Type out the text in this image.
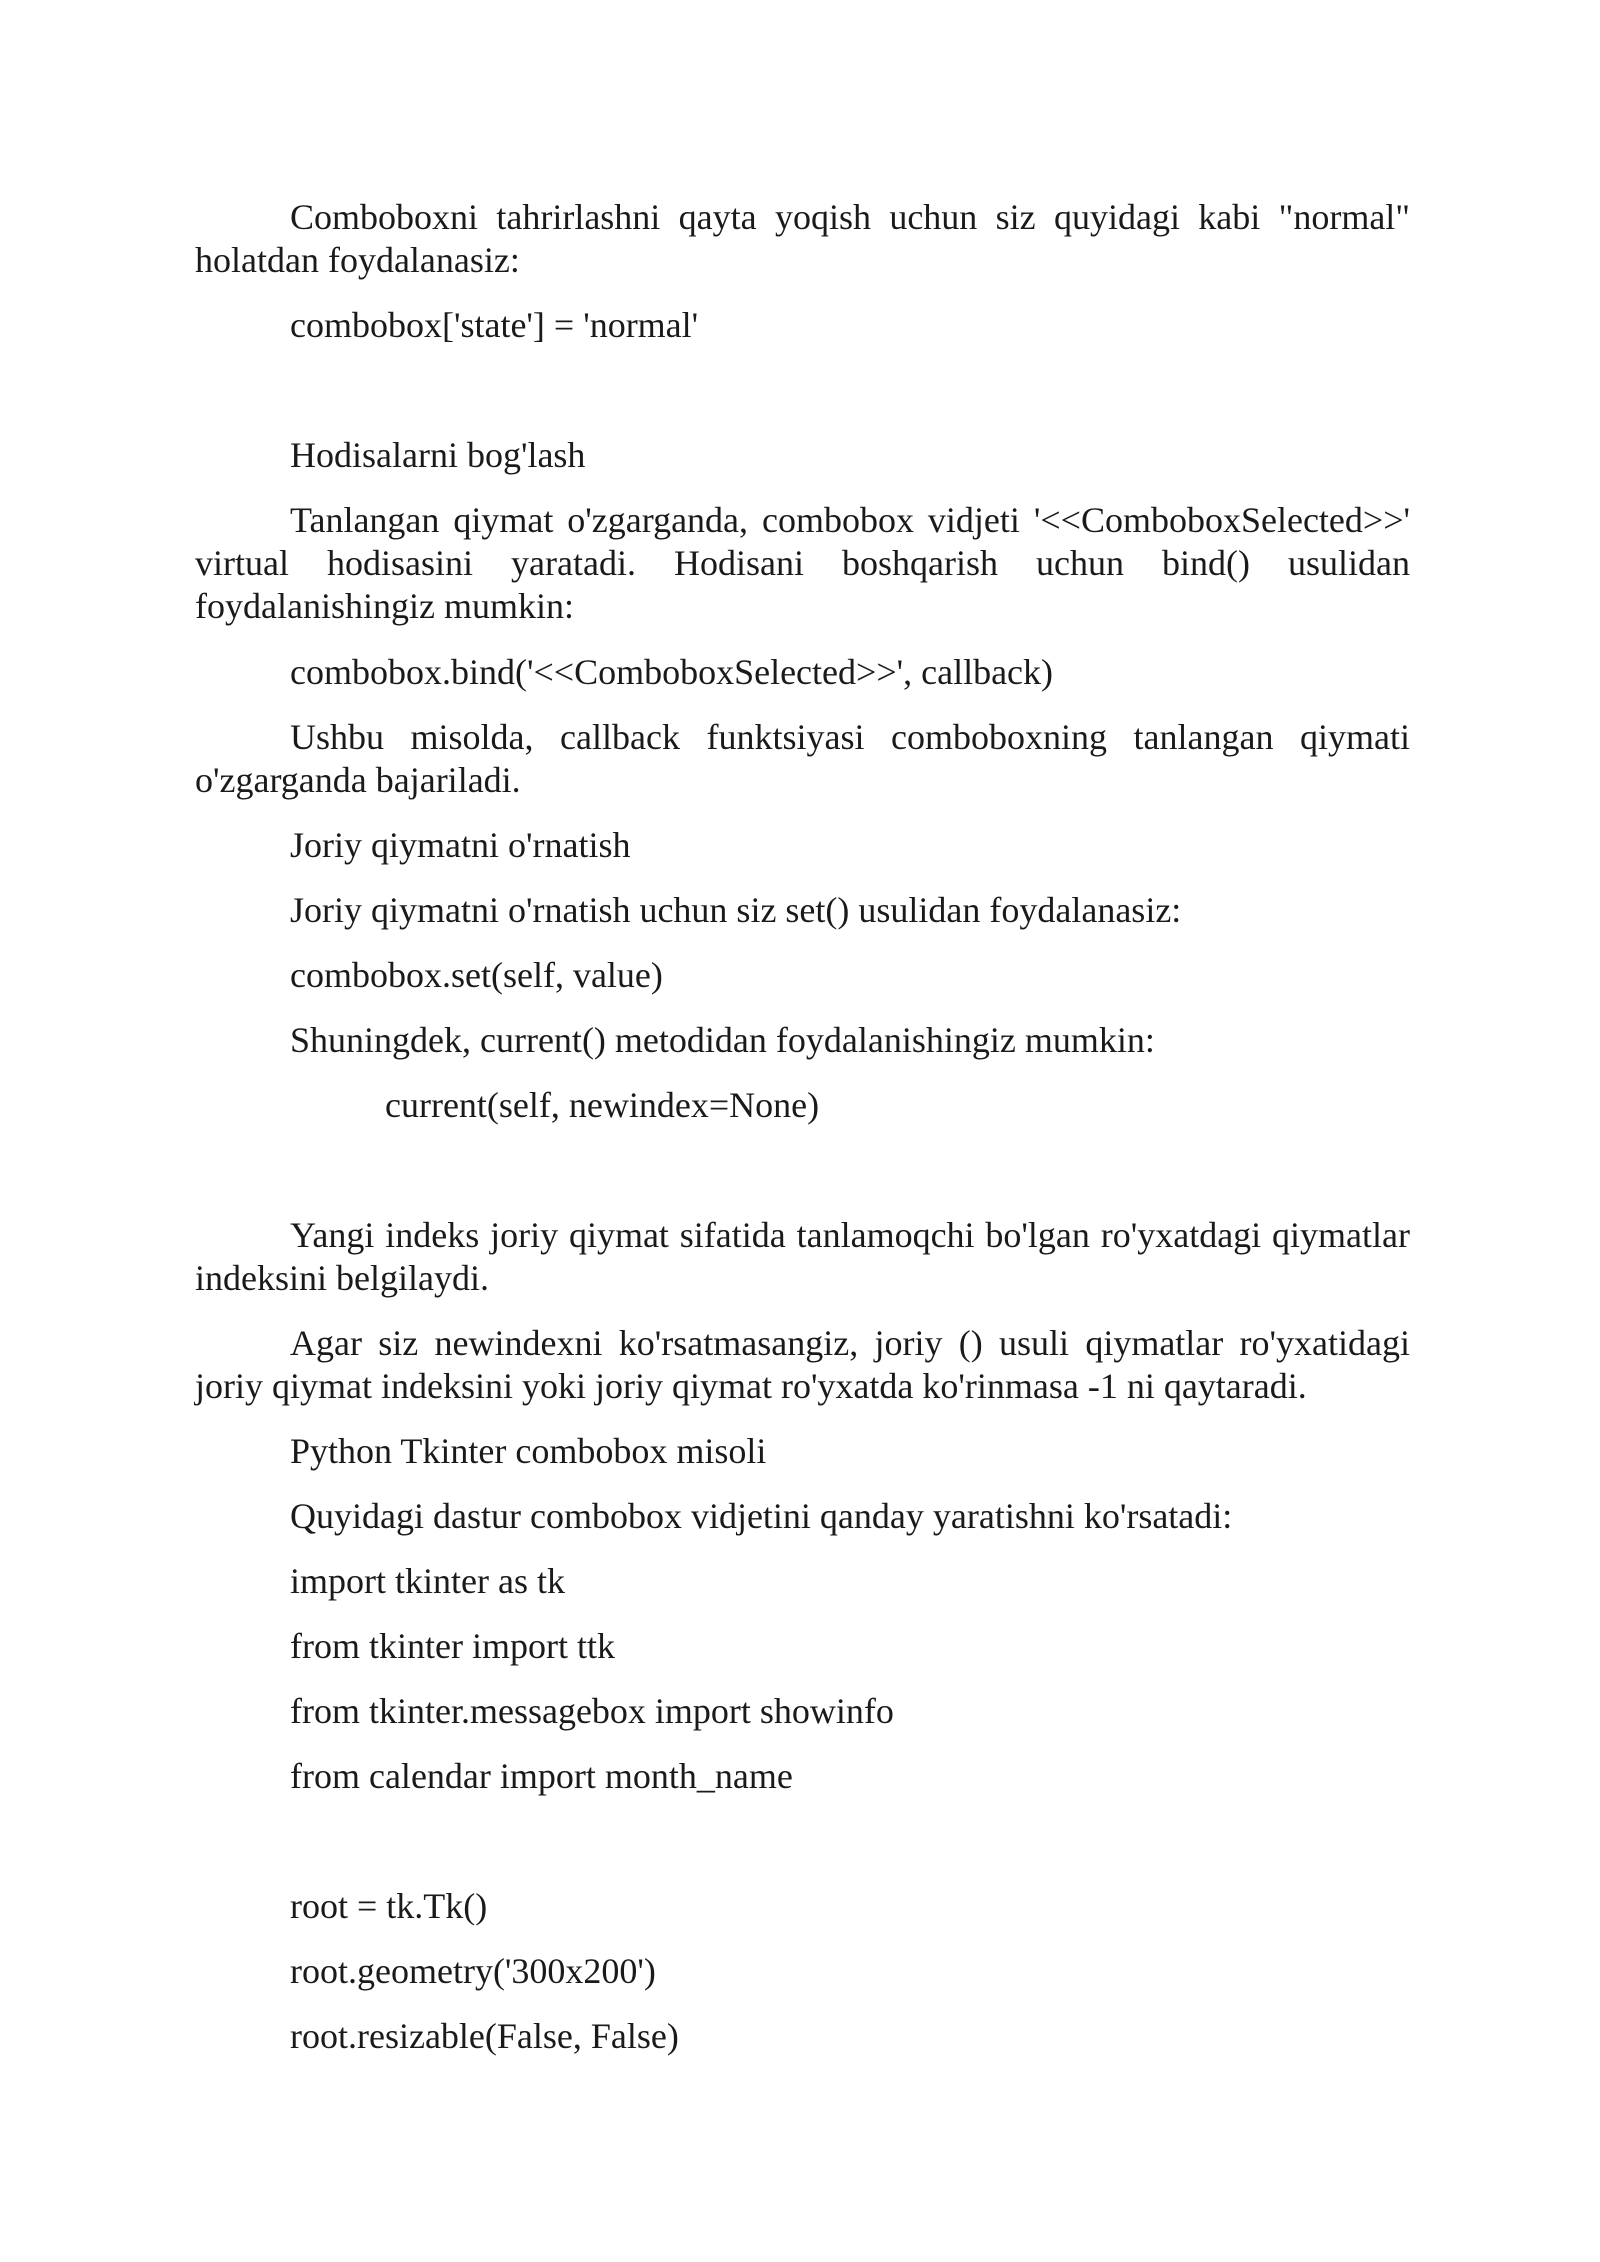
Comboboxni tahrirlashni qayta yoqish uchun siz quyidagi kabi "normal" holatdan foydalanasiz:

combobox['state'] = 'normal'
Hodisalarni bog'lash

Tanlangan qiymat o'zgarganda, combobox vidjeti '<<ComboboxSelected>>' virtual hodisasini yaratadi. Hodisani boshqarish uchun bind() usulidan foydalanishingiz mumkin:

combobox.bind('<<ComboboxSelected>>', callback)

Ushbu misolda, callback funktsiyasi comboboxning tanlangan qiymati o'zgarganda bajariladi.

Joriy qiymatni o'rnatish
Joriy qiymatni o'rnatish uchun siz set() usulidan foydalanasiz:
combobox.set(self, value)
Shuningdek, current() metodidan foydalanishingiz mumkin:
current(self, newindex=None)

Yangi indeks joriy qiymat sifatida tanlamoqchi bo'lgan ro'yxatdagi qiymatlar indeksini belgilaydi.

Agar siz newindexni ko'rsatmasangiz, joriy () usuli qiymatlar ro'yxatidagi joriy qiymat indeksini yoki joriy qiymat ro'yxatda ko'rinmasa -1 ni qaytaradi.

Python Tkinter combobox misoli
Quyidagi dastur combobox vidjetini qanday yaratishni ko'rsatadi:
import tkinter as tk
from tkinter import ttk
from tkinter.messagebox import showinfo
from calendar import month_name
root = tk.Tk()
root.geometry('300x200')
root.resizable(False, False)
